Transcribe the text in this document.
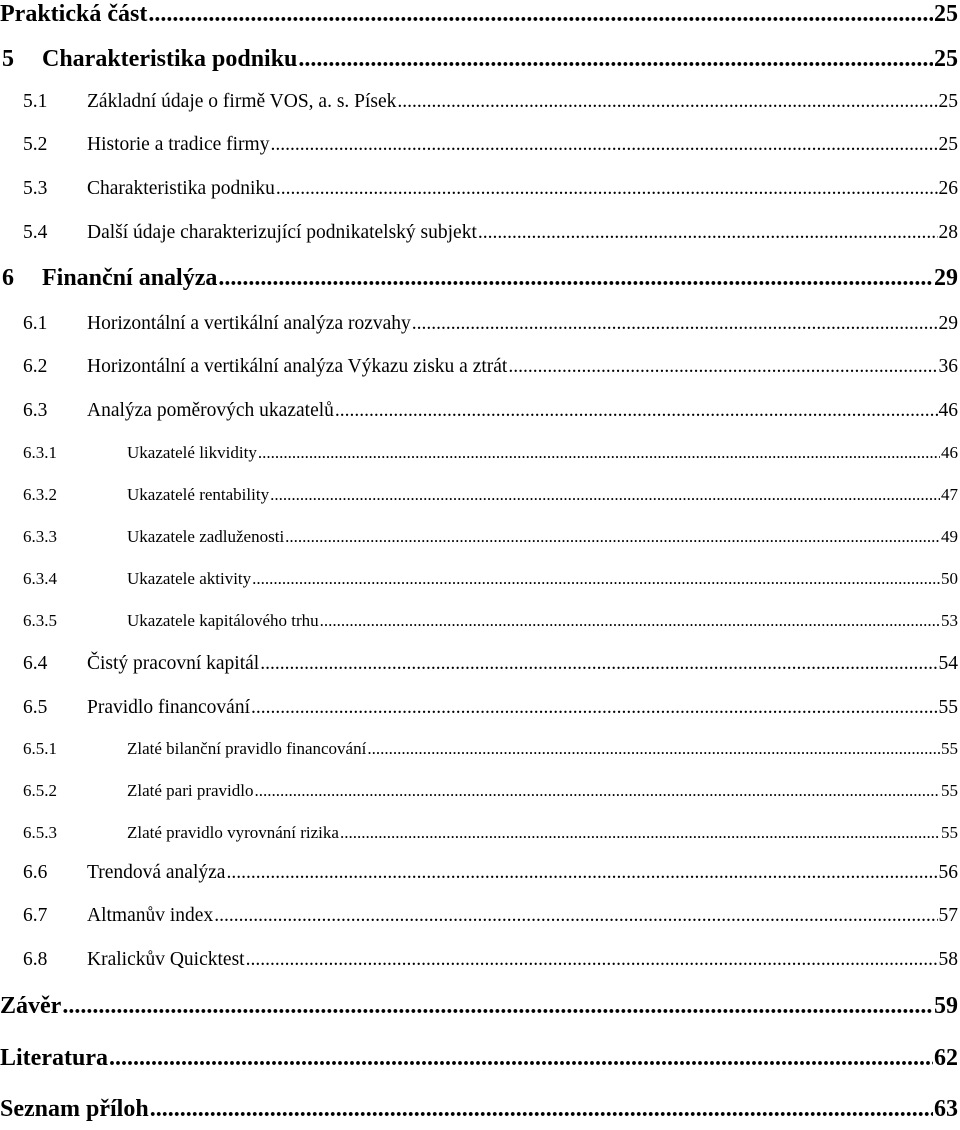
Praktická část .....	25
5	Charakteristika podniku .....	25
5.1	Základní údaje o firmě VOS, a. s. Písek .....	25
5.2	Historie a tradice firmy .....	25
5.3	Charakteristika podniku .....	26
5.4	Další údaje charakterizující podnikatelský subjekt .....	28
6	Finanční analýza .....	29
6.1	Horizontální a vertikální analýza rozvahy .....	29
6.2	Horizontální a vertikální analýza Výkazu zisku a ztrát .....	36
6.3	Analýza poměrových ukazatelů .....	46
6.3.1	Ukazatelé likvidity .....	46
6.3.2	Ukazatelé rentability .....	47
6.3.3	Ukazatele zadluženosti .....	49
6.3.4	Ukazatele aktivity .....	50
6.3.5	Ukazatele kapitálového trhu .....	53
6.4	Čistý pracovní kapitál .....	54
6.5	Pravidlo financování .....	55
6.5.1	Zlaté bilanční pravidlo financování .....	55
6.5.2	Zlaté pari pravidlo .....	55
6.5.3	Zlaté pravidlo vyrovnání rizika .....	55
6.6	Trendová analýza .....	56
6.7	Altmanův index .....	57
6.8	Kralickův Quicktest .....	58
Závěr .....	59
Literatura .....	62
Seznam příloh .....	63
